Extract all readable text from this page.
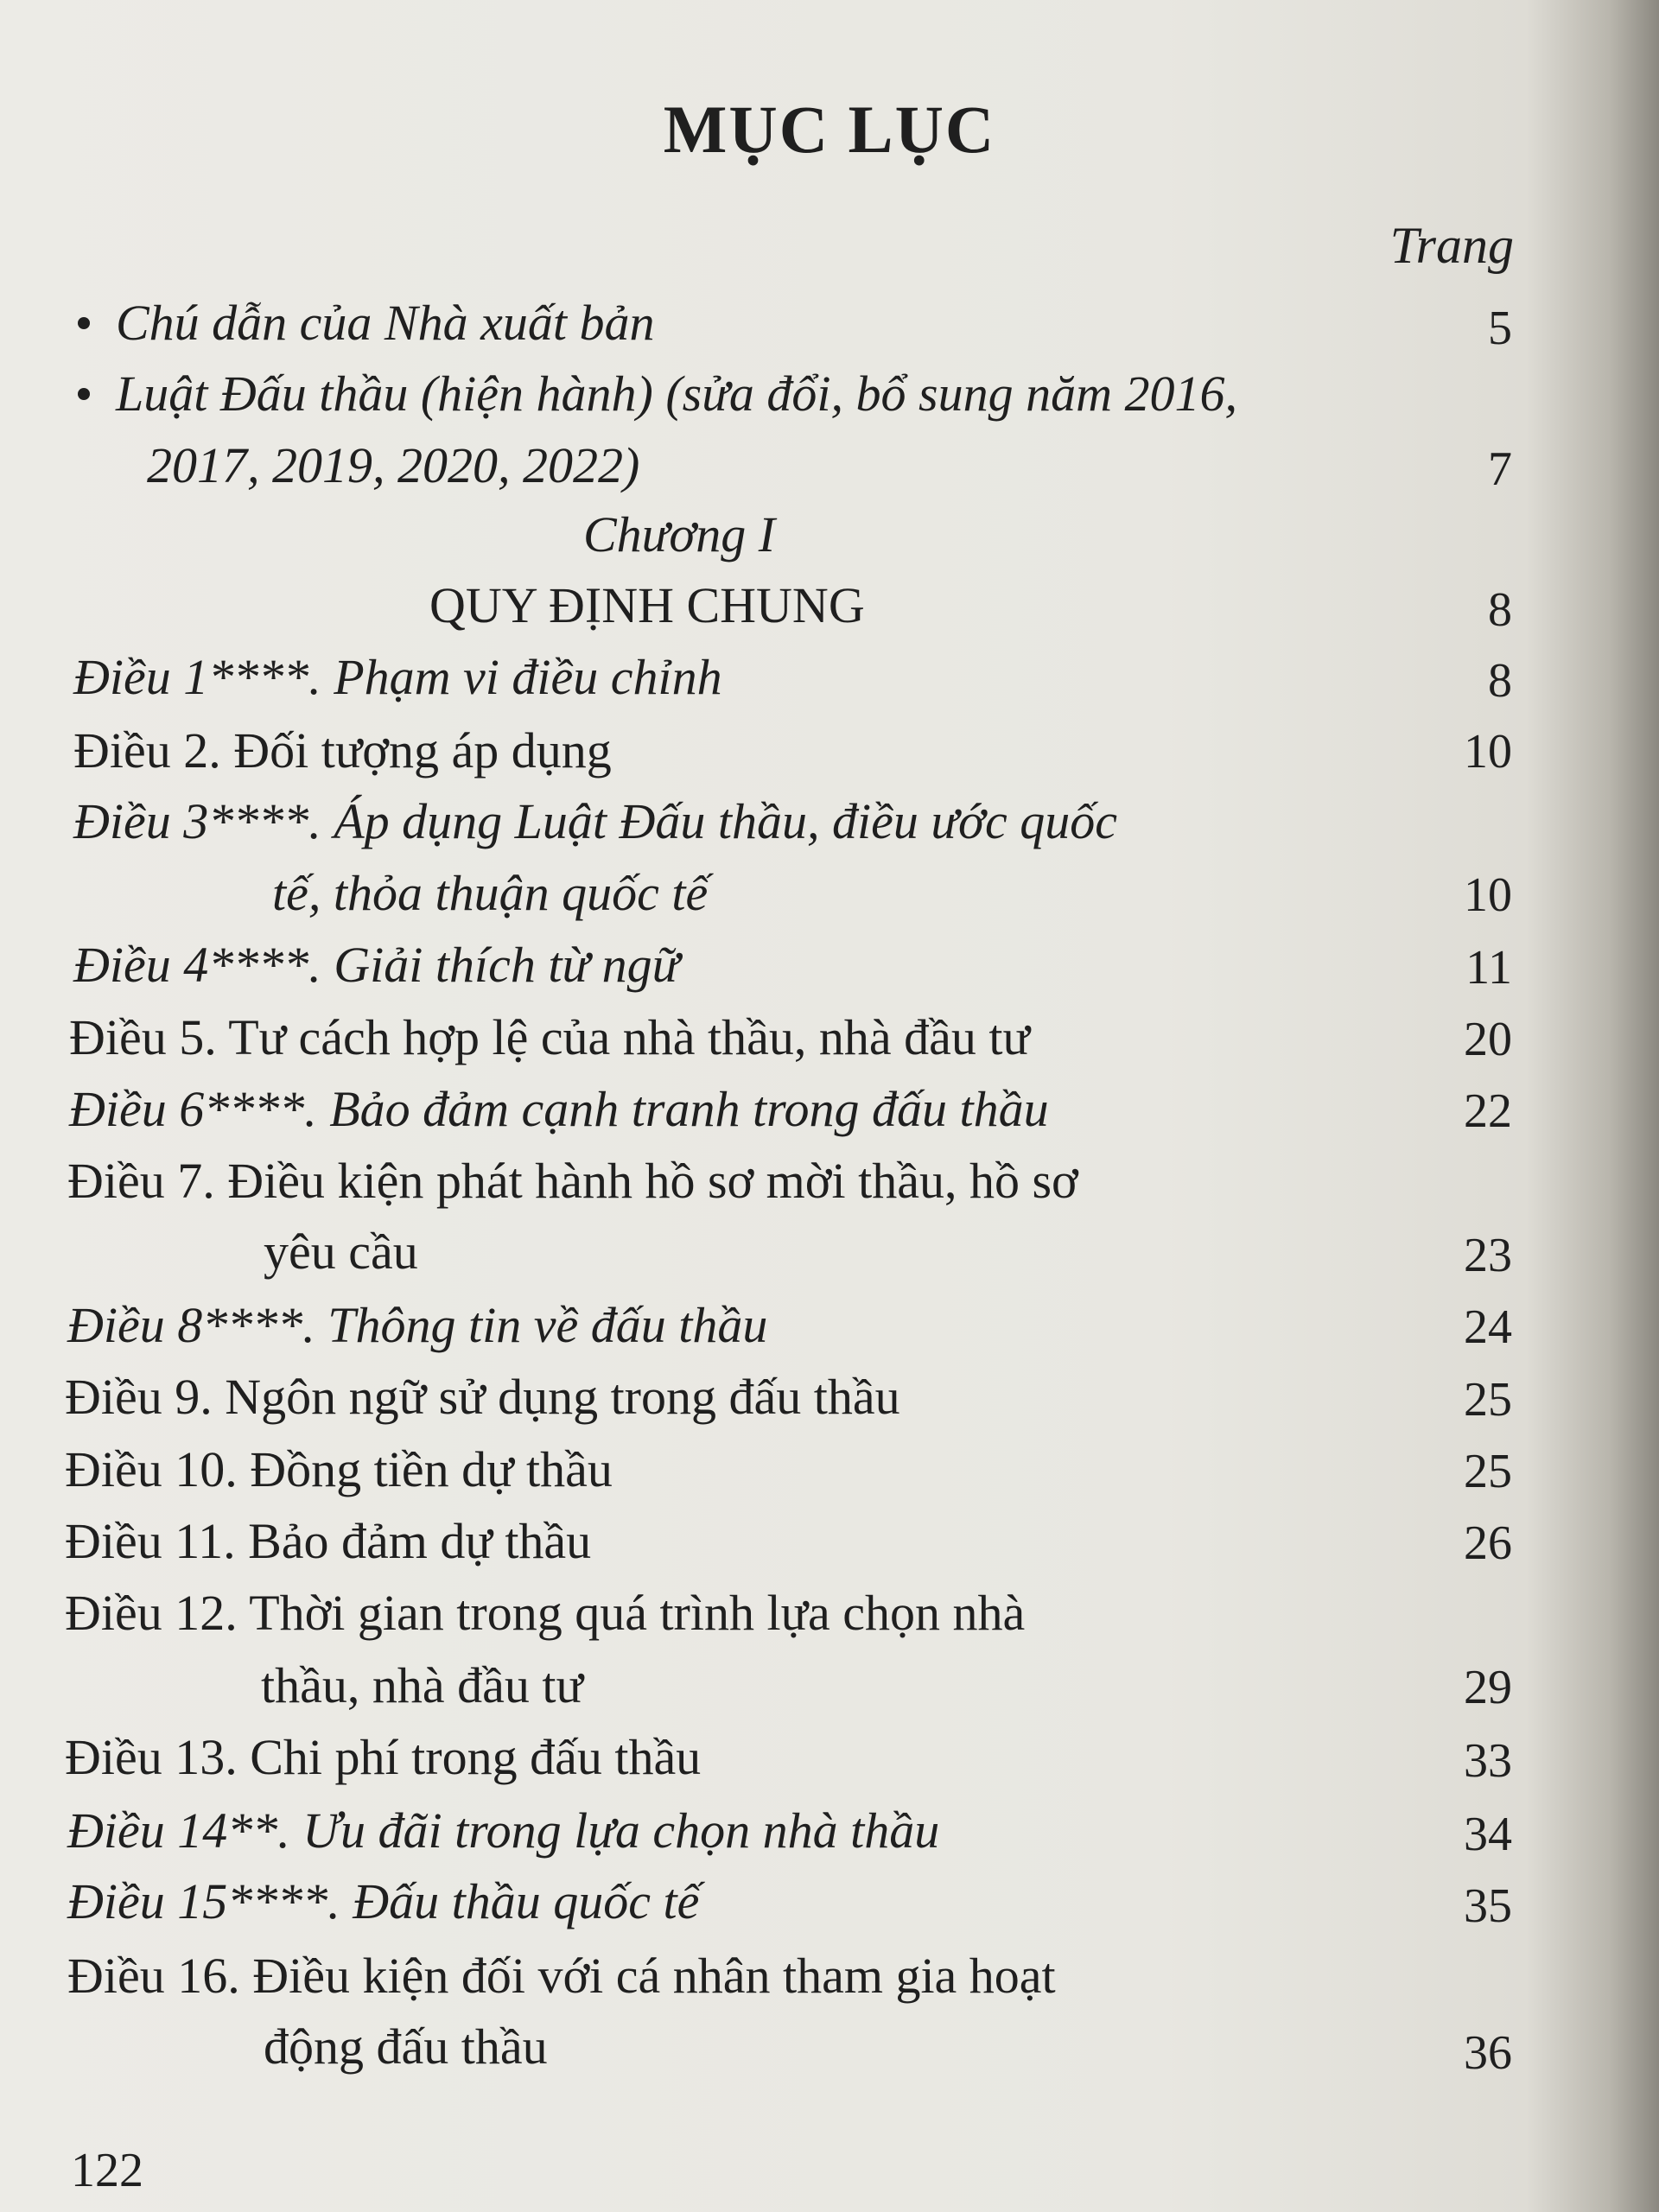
MỤC LỤC
Trang
Chú dẫn của Nhà xuất bản	5
Luật Đấu thầu (hiện hành) (sửa đổi, bổ sung năm 2016,
2017, 2019, 2020, 2022)	7
Chương I
QUY ĐỊNH CHUNG	8
Điều 1****. Phạm vi điều chỉnh	8
Điều 2. Đối tượng áp dụng	10
Điều 3****. Áp dụng Luật Đấu thầu, điều ước quốc
tế, thỏa thuận quốc tế	10
Điều 4****. Giải thích từ ngữ	11
Điều 5. Tư cách hợp lệ của nhà thầu, nhà đầu tư	20
Điều 6****. Bảo đảm cạnh tranh trong đấu thầu	22
Điều 7. Điều kiện phát hành hồ sơ mời thầu, hồ sơ
yêu cầu	23
Điều 8****. Thông tin về đấu thầu	24
Điều 9. Ngôn ngữ sử dụng trong đấu thầu	25
Điều 10. Đồng tiền dự thầu	25
Điều 11. Bảo đảm dự thầu	26
Điều 12. Thời gian trong quá trình lựa chọn nhà
thầu, nhà đầu tư	29
Điều 13. Chi phí trong đấu thầu	33
Điều 14**. Ưu đãi trong lựa chọn nhà thầu	34
Điều 15****. Đấu thầu quốc tế	35
Điều 16. Điều kiện đối với cá nhân tham gia hoạt
động đấu thầu	36
122
